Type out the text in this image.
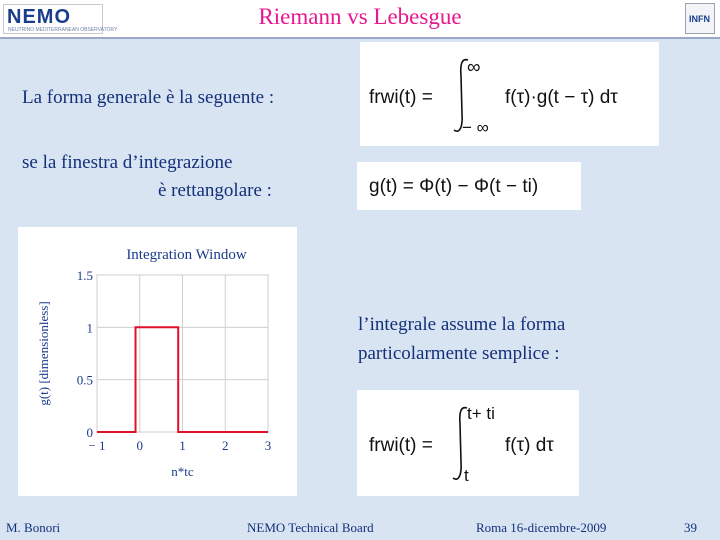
NEMO
NEUTRINO MEDITERRANEAN OBSERVATORY
Riemann vs Lebesgue	INFN
La forma generale è la seguente :
se la finestra d’integrazione
è rettangolare :
l’integrale assume la forma
particolarmente semplice :
frwi(t) =
∞
− ∞
f(τ)·g(t − τ) dτ
g(t) = Φ(t) − Φ(t − ti)
frwi(t) =
t+ ti
t
f(τ) dτ
− 1 0	1	2	3
0
0.5
1
1.5
Integration Window
n*tc
g(t) [dimensionless]
M. Bonori	NEMO Technical Board	Roma 16-dicembre-2009	39
